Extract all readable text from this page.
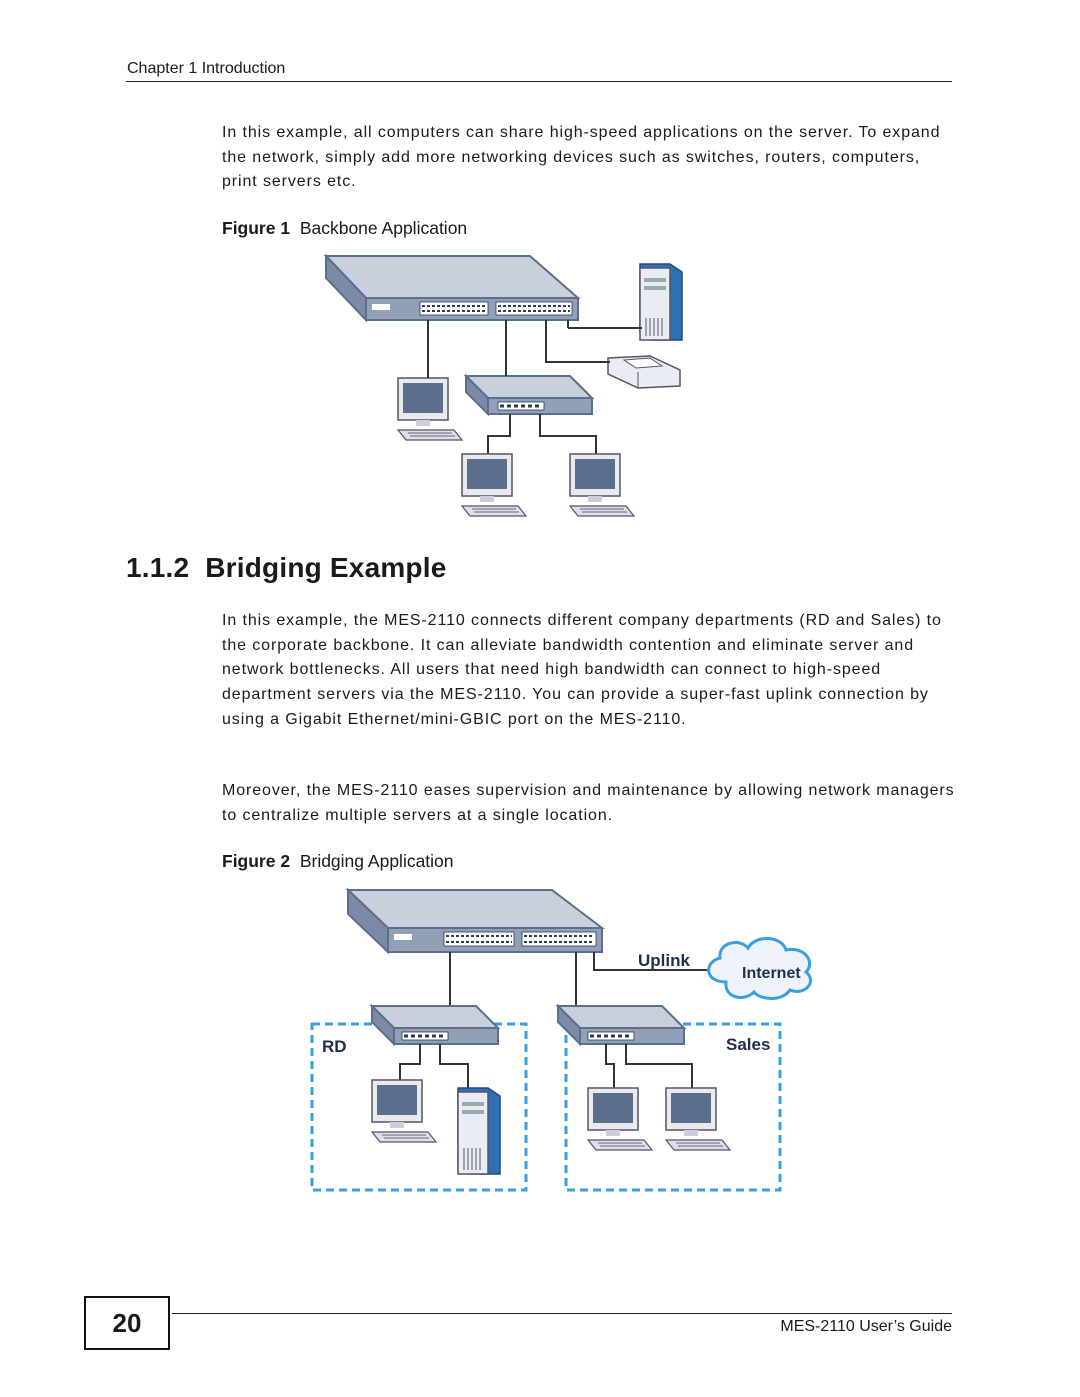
Chapter 1 Introduction
In this example, all computers can share high-speed applications on the server. To expand the network, simply add more networking devices such as switches, routers, computers, print servers etc.
Figure 1 Backbone Application
1.1.2 Bridging Example
In this example, the MES-2110 connects different company departments (RD and Sales) to the corporate backbone. It can alleviate bandwidth contention and eliminate server and network bottlenecks. All users that need high bandwidth can connect to high-speed department servers via the MES-2110. You can provide a super-fast uplink connection by using a Gigabit Ethernet/mini-GBIC port on the MES-2110.
Moreover, the MES-2110 eases supervision and maintenance by allowing network managers to centralize multiple servers at a single location.
Figure 2 Bridging Application
Uplink
Internet
RD	Sales
20	MES-2110 User’s Guide
